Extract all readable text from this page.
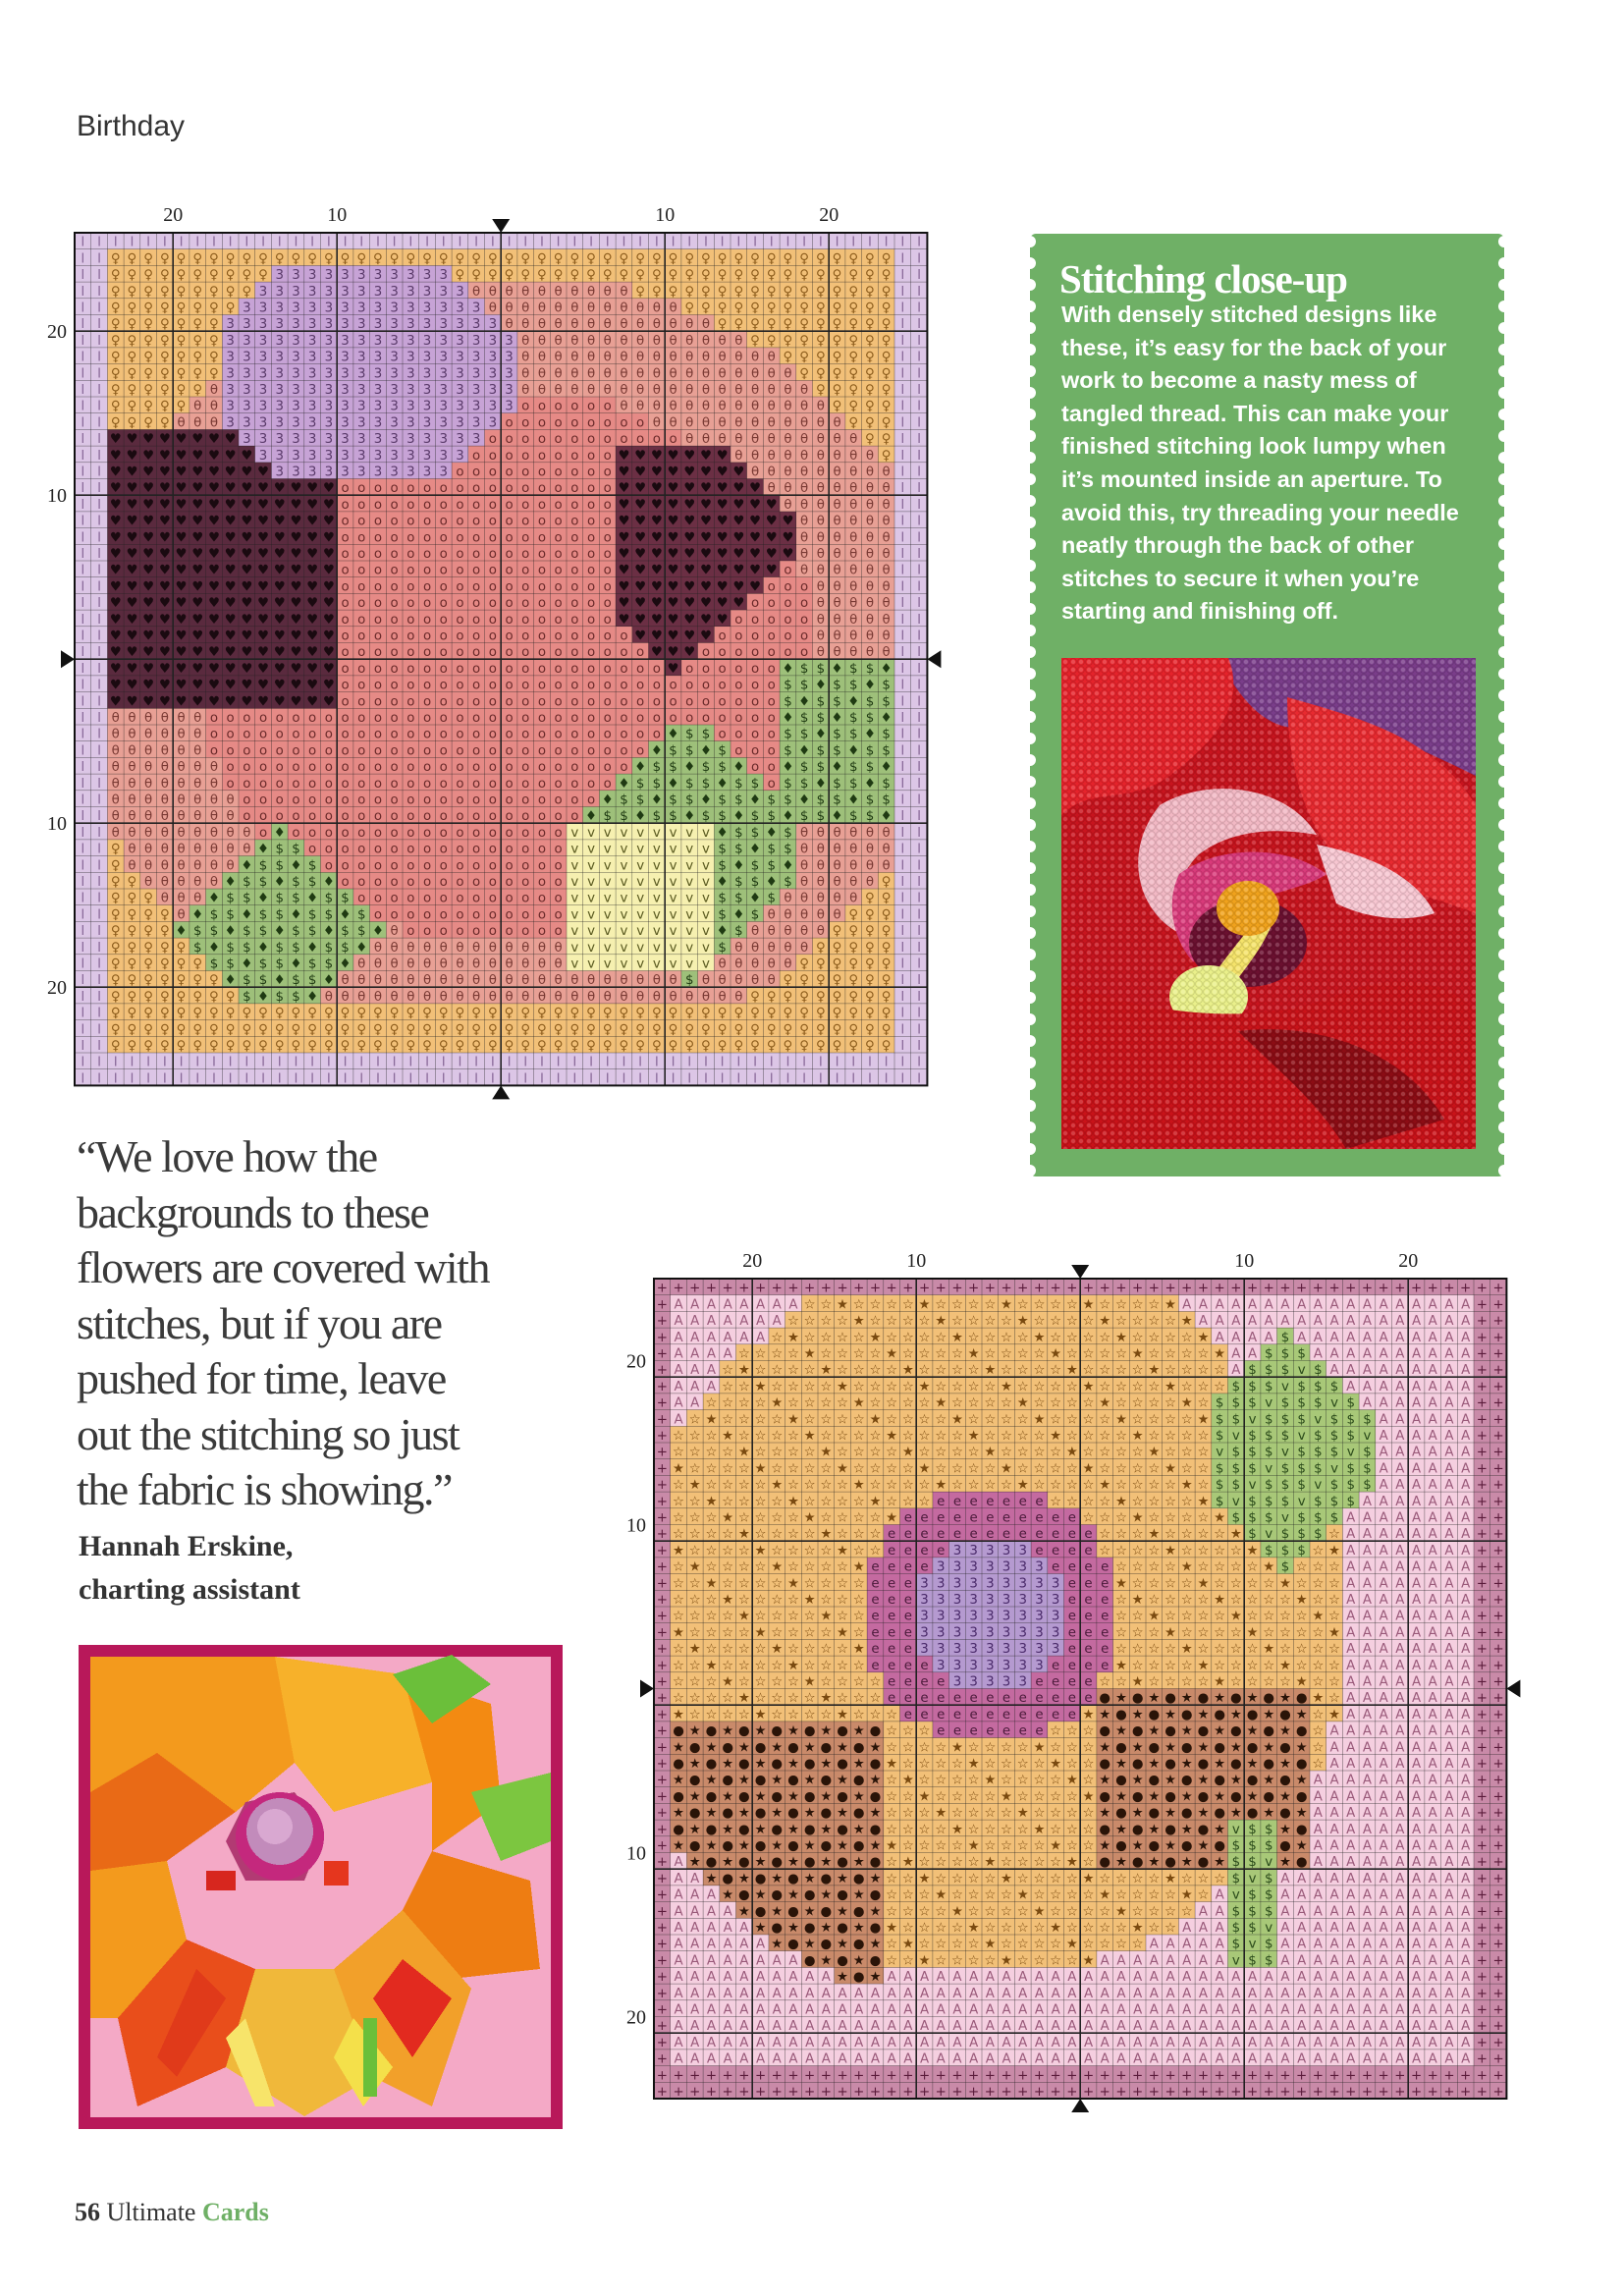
Birthday
I I I I I I I I I I I I I I I I I I I I I I I I I I I I I I I I I I I I I I I I I I I I I I I I I I I I
I I ♀ ♀ ♀ ♀ ♀ ♀ ♀ ♀ ♀ ♀ ♀ ♀ ♀ ♀ ♀ ♀ ♀ ♀ ♀ ♀ ♀ ♀ ♀ ♀ ♀ ♀ ♀ ♀ ♀ ♀ ♀ ♀ ♀ ♀ ♀ ♀ ♀ ♀ ♀ ♀ ♀ ♀ ♀ ♀ ♀ ♀ ♀ ♀ I I
I I ♀ ♀ ♀ ♀ ♀ ♀ ♀ ♀ ♀ ♀ 3 3 3 3 3 3 3 3 3 3 3 ♀ ♀ ♀ ♀ ♀ ♀ ♀ ♀ ♀ ♀ ♀ ♀ ♀ ♀ ♀ ♀ ♀ ♀ ♀ ♀ ♀ ♀ ♀ ♀ ♀ ♀ ♀ I I
I I ♀ ♀ ♀ ♀ ♀ ♀ ♀ ♀ ♀ 3 3 3 3 3 3 3 3 3 3 3 3 3 θ θ θ θ θ θ θ θ θ θ ♀ ♀ ♀ ♀ ♀ ♀ ♀ ♀ ♀ ♀ ♀ ♀ ♀ ♀ ♀ ♀ I I
I I ♀ ♀ ♀ ♀ ♀ ♀ ♀ ♀ 3 3 3 3 3 3 3 3 3 3 3 3 3 3 3 θ θ θ θ θ θ θ θ θ θ θ θ ♀ ♀ ♀ ♀ ♀ ♀ ♀ ♀ ♀ ♀ ♀ ♀ ♀ I I
I I ♀ ♀ ♀ ♀ ♀ ♀ ♀ 3 3 3 3 3 3 3 3 3 3 3 3 3 3 3 3 3 θ θ θ θ θ θ θ θ θ θ θ θ θ ♀ ♀ ♀ ♀ ♀ ♀ ♀ ♀ ♀ ♀ ♀ I I
I I ♀ ♀ ♀ ♀ ♀ ♀ ♀ 3 3 3 3 3 3 3 3 3 3 3 3 3 3 3 3 3 3 θ θ θ θ θ θ θ θ θ θ θ θ θ θ ♀ ♀ ♀ ♀ ♀ ♀ ♀ ♀ ♀ I I
I I ♀ ♀ ♀ ♀ ♀ ♀ ♀ 3 3 3 3 3 3 3 3 3 3 3 3 3 3 3 3 3 3 θ θ θ θ θ θ θ θ θ θ θ θ θ θ θ θ ♀ ♀ ♀ ♀ ♀ ♀ ♀ I I
I I ♀ ♀ ♀ ♀ ♀ ♀ ♀ 3 3 3 3 3 3 3 3 3 3 3 3 3 3 3 3 3 3 θ θ θ θ θ θ θ θ θ θ θ θ θ θ θ θ θ ♀ ♀ ♀ ♀ ♀ ♀ I I
I I ♀ ♀ ♀ ♀ ♀ ♀ θ 3 3 3 3 3 3 3 3 3 3 3 3 3 3 3 3 3 3 θ θ θ θ θ θ θ θ θ θ θ θ θ θ θ θ θ θ ♀ ♀ ♀ ♀ ♀ I I
I I ♀ ♀ ♀ ♀ ♀ θ θ 3 3 3 3 3 3 3 3 3 3 3 3 3 3 3 3 3 3 o o o o o o θ θ θ θ θ θ θ θ θ θ θ θ θ ♀ ♀ ♀ ♀ I I
I I ♀ ♀ ♀ ♀ θ θ θ 3 3 3 3 3 3 3 3 3 3 3 3 3 3 3 3 3 o o o o o o o o o θ θ θ θ θ θ θ θ θ θ θ θ ♀ ♀ ♀ I I
I I ♥ ♥ ♥ ♥ ♥ ♥ ♥ ♥ 3 3 3 3 3 3 3 3 3 3 3 3 3 3 3 o o o o o o o o o o o o θ θ θ θ θ θ θ θ θ θ θ ♀ ♀ I I
I I ♥ ♥ ♥ ♥ ♥ ♥ ♥ ♥ ♥ 3 3 3 3 3 3 3 3 3 3 3 3 3 o o o o o o o o o ♥ ♥ ♥ ♥ ♥ ♥ ♥ θ θ θ θ θ θ θ θ θ ♀ I I
I I ♥ ♥ ♥ ♥ ♥ ♥ ♥ ♥ ♥ ♥ 3 3 3 3 3 3 3 3 3 3 3 o o o o o o o o o o ♥ ♥ ♥ ♥ ♥ ♥ ♥ ♥ θ θ θ θ θ θ θ θ θ I I
I I ♥ ♥ ♥ ♥ ♥ ♥ ♥ ♥ ♥ ♥ ♥ ♥ ♥ ♥ o o o o o o o o o o o o o o o o o ♥ ♥ ♥ ♥ ♥ ♥ ♥ ♥ ♥ θ θ θ θ θ θ θ θ I I
I I ♥ ♥ ♥ ♥ ♥ ♥ ♥ ♥ ♥ ♥ ♥ ♥ ♥ ♥ o o o o o o o o o o o o o o o o o ♥ ♥ ♥ ♥ ♥ ♥ ♥ ♥ ♥ ♥ θ θ θ θ θ θ θ I I
I I ♥ ♥ ♥ ♥ ♥ ♥ ♥ ♥ ♥ ♥ ♥ ♥ ♥ ♥ o o o o o o o o o o o o o o o o o ♥ ♥ ♥ ♥ ♥ ♥ ♥ ♥ ♥ ♥ ♥ θ θ θ θ θ θ I I
I I ♥ ♥ ♥ ♥ ♥ ♥ ♥ ♥ ♥ ♥ ♥ ♥ ♥ ♥ o o o o o o o o o o o o o o o o o ♥ ♥ ♥ ♥ ♥ ♥ ♥ ♥ ♥ ♥ ♥ θ θ θ θ θ θ I I
I I ♥ ♥ ♥ ♥ ♥ ♥ ♥ ♥ ♥ ♥ ♥ ♥ ♥ ♥ o o o o o o o o o o o o o o o o o ♥ ♥ ♥ ♥ ♥ ♥ ♥ ♥ ♥ ♥ ♥ θ θ θ θ θ θ I I
I I ♥ ♥ ♥ ♥ ♥ ♥ ♥ ♥ ♥ ♥ ♥ ♥ ♥ ♥ o o o o o o o o o o o o o o o o o ♥ ♥ ♥ ♥ ♥ ♥ ♥ ♥ ♥ ♥ o θ θ θ θ θ θ I I
I I ♥ ♥ ♥ ♥ ♥ ♥ ♥ ♥ ♥ ♥ ♥ ♥ ♥ ♥ o o o o o o o o o o o o o o o o o ♥ ♥ ♥ ♥ ♥ ♥ ♥ ♥ ♥ o o o θ θ θ θ θ I I
I I ♥ ♥ ♥ ♥ ♥ ♥ ♥ ♥ ♥ ♥ ♥ ♥ ♥ ♥ o o o o o o o o o o o o o o o o o ♥ ♥ ♥ ♥ ♥ ♥ ♥ ♥ o o o o θ θ θ θ θ I I
I I ♥ ♥ ♥ ♥ ♥ ♥ ♥ ♥ ♥ ♥ ♥ ♥ ♥ ♥ o o o o o o o o o o o o o o o o o ♥ ♥ ♥ ♥ ♥ ♥ ♥ o o o o o θ θ θ θ θ I I
I I ♥ ♥ ♥ ♥ ♥ ♥ ♥ ♥ ♥ ♥ ♥ ♥ ♥ ♥ o o o o o o o o o o o o o o o o o o ♥ ♥ ♥ ♥ ♥ o o o o o o θ θ θ θ θ I I
I I ♥ ♥ ♥ ♥ ♥ ♥ ♥ ♥ ♥ ♥ ♥ ♥ ♥ ♥ o o o o o o o o o o o o o o o o o o o ♥ ♥ ♥ o o o o o o o θ θ θ θ θ I I
I I ♥ ♥ ♥ ♥ ♥ ♥ ♥ ♥ ♥ ♥ ♥ ♥ ♥ ♥ o o o o o o o o o o o o o o o o o o o o ♥ o o o o o o ♦ $ $ ♦ $ $ ♦ I I
I I ♥ ♥ ♥ ♥ ♥ ♥ ♥ ♥ ♥ ♥ ♥ ♥ ♥ ♥ o o o o o o o o o o o o o o o o o o o o o o o o o o o $ $ ♦ $ $ ♦ $ I I
I I ♥ ♥ ♥ ♥ ♥ ♥ ♥ ♥ ♥ ♥ ♥ ♥ ♥ ♥ o o o o o o o o o o o o o o o o o o o o o o o o o o o $ ♦ $ $ ♦ $ $ I I
I I θ θ θ θ θ θ o o o o o o o o o o o o o o o o o o o o o o o o o o o o o o o o o o o ♦ $ $ ♦ $ $ ♦ I I
I I θ θ θ θ θ θ o o o o o o o o o o o o o o o o o o o o o o o o o o o o ♦ $ $ o o o o $ $ ♦ $ $ ♦ $ I I
I I θ θ θ θ θ θ o o o o o o o o o o o o o o o o o o o o o o o o o o o ♦ $ $ ♦ $ o o o $ ♦ $ $ ♦ $ $ I I
I I θ θ θ θ θ θ θ o o o o o o o o o o o o o o o o o o o o o o o o o ♦ $ $ ♦ $ $ ♦ o o ♦ $ $ ♦ $ $ ♦ I I
I I θ θ θ θ θ θ θ o o o o o o o o o o o o o o o o o o o o o o o o ♦ $ $ ♦ $ $ ♦ $ $ o $ $ ♦ $ $ ♦ $ I I
I I θ θ θ θ θ θ θ θ o o o o o o o o o o o o o o o o o o o o o o ♦ $ $ ♦ $ $ ♦ $ $ ♦ $ $ ♦ $ $ ♦ $ $ I I
I I θ θ θ θ θ θ θ θ o o o o o o o o o o o o o o o o o o o o o ♦ $ $ ♦ $ $ ♦ $ $ ♦ $ $ ♦ $ $ ♦ $ $ ♦ I I
I I θ θ θ θ θ θ θ θ θ o ♦ o o o o o o o o o o o o o o o o o v v v v v v v v v ♦ $ $ ♦ $ θ θ θ θ θ θ I I
I I ♀ θ θ θ θ θ θ θ θ ♦ $ $ o o o o o o o o o o o o o o o o v v v v v v v v v $ $ ♦ $ $ θ θ θ θ θ θ I I
I I ♀ θ θ θ θ θ θ θ ♦ $ $ ♦ $ o o o o o o o o o o o o o o o v v v v v v v v v $ ♦ $ $ ♦ θ θ θ θ θ θ I I
I I ♀ ♀ θ θ θ θ θ ♦ $ $ ♦ $ $ ♦ o o o o o o o o o o o o o o v v v v v v v v v ♦ $ $ ♦ $ θ θ θ θ θ ♀ I I
I I ♀ ♀ ♀ θ θ θ ♦ $ $ ♦ $ $ ♦ $ $ o o o o o o o o o o o o o v v v v v v v v v $ $ ♦ $ θ θ θ θ θ ♀ ♀ I I
I I ♀ ♀ ♀ ♀ θ ♦ $ $ ♦ $ $ ♦ $ $ ♦ $ o o o o o o o o o o o o v v v v v v v v v $ ♦ $ θ θ θ θ θ ♀ ♀ ♀ I I
I I ♀ ♀ ♀ ♀ ♦ $ $ ♦ $ $ ♦ $ $ ♦ $ $ ♦ θ o o o o o o o o o o v v v v v v v v v ♦ $ θ θ θ θ θ ♀ ♀ ♀ ♀ I I
I I ♀ ♀ ♀ ♀ ♀ $ ♦ $ $ ♦ $ $ ♦ $ $ ♦ θ θ θ θ θ θ θ θ θ θ θ θ v v v v v v v v v $ θ θ θ θ θ ♀ ♀ ♀ ♀ ♀ I I
I I ♀ ♀ ♀ ♀ ♀ ♀ $ $ ♦ $ $ ♦ $ $ ♦ θ θ θ θ θ θ θ θ θ θ θ θ θ v v v v v v v v v θ θ θ θ θ ♀ ♀ ♀ ♀ ♀ ♀ I I
I I ♀ ♀ ♀ ♀ ♀ ♀ ♀ ♦ $ $ ♦ $ $ ♦ θ θ θ θ θ θ θ θ θ θ θ θ θ θ θ θ θ θ θ θ θ $ θ θ θ θ θ ♀ ♀ ♀ ♀ ♀ ♀ ♀ I I
I I ♀ ♀ ♀ ♀ ♀ ♀ ♀ ♀ $ ♦ $ $ ♦ θ θ θ θ θ θ θ θ θ θ θ θ θ θ θ θ θ θ θ θ θ θ θ θ θ θ ♀ ♀ ♀ ♀ ♀ ♀ ♀ ♀ ♀ I I
I I ♀ ♀ ♀ ♀ ♀ ♀ ♀ ♀ ♀ ♀ ♀ ♀ ♀ ♀ ♀ ♀ ♀ ♀ ♀ ♀ ♀ ♀ ♀ ♀ ♀ ♀ ♀ ♀ ♀ ♀ ♀ ♀ ♀ ♀ ♀ ♀ ♀ ♀ ♀ ♀ ♀ ♀ ♀ ♀ ♀ ♀ ♀ ♀ I I
I I ♀ ♀ ♀ ♀ ♀ ♀ ♀ ♀ ♀ ♀ ♀ ♀ ♀ ♀ ♀ ♀ ♀ ♀ ♀ ♀ ♀ ♀ ♀ ♀ ♀ ♀ ♀ ♀ ♀ ♀ ♀ ♀ ♀ ♀ ♀ ♀ ♀ ♀ ♀ ♀ ♀ ♀ ♀ ♀ ♀ ♀ ♀ ♀ I I
I I ♀ ♀ ♀ ♀ ♀ ♀ ♀ ♀ ♀ ♀ ♀ ♀ ♀ ♀ ♀ ♀ ♀ ♀ ♀ ♀ ♀ ♀ ♀ ♀ ♀ ♀ ♀ ♀ ♀ ♀ ♀ ♀ ♀ ♀ ♀ ♀ ♀ ♀ ♀ ♀ ♀ ♀ ♀ ♀ ♀ ♀ ♀ ♀ I I
I I I I I I I I I I I I I I I I I I I I I I I I I I I I I I I I I I I I I I I I I I I I I I I I I I I I
I I I I I I I I I I I I I I I I I I I I I I I I I I I I I I I I I I I I I I I I I I I I I I I I I I I I
20	10	10	20
20
10
10
20
Stitching close-up
With densely stitched designs like
these, it’s easy for the back of your
work to become a nasty mess of
tangled thread. This can make your
finished stitching look lumpy when
it’s mounted inside an aperture. To
avoid this, try threading your needle
neatly through the back of other
stitches to secure it when you’re
starting and finishing off.
“We love how the
backgrounds to these
flowers are covered with
stitches, but if you are
pushed for time, leave
out the stitching so just
the fabric is showing.”
Hannah Erskine,
charting assistant
+ + + + + + + + + + + + + + + + + + + + + + + + + + + + + + + + + + + + + + + + + + + + + + + + + + + +
+ A A A A A A A A ☆ ☆ ★ ☆ ☆ ☆ ☆ ★ ☆ ☆ ☆ ☆ ★ ☆ ☆ ☆ ☆ ★ ☆ ☆ ☆ ☆ ★ A A A A A A A A A A A A A A A A A A + +
+ A A A A A A A ☆ ☆ ☆ ☆ ★ ☆ ☆ ☆ ☆ ★ ☆ ☆ ☆ ☆ ★ ☆ ☆ ☆ ☆ ★ ☆ ☆ ☆ ☆ ★ A A A A A A A A A A A A A A A A A + +
+ A A A A A A ☆ ★ ☆ ☆ ☆ ☆ ★ ☆ ☆ ☆ ☆ ★ ☆ ☆ ☆ ☆ ★ ☆ ☆ ☆ ☆ ★ ☆ ☆ ☆ ☆ ★ A A A A $ A A A A A A A A A A A + +
+ A A A A ☆ ☆ ☆ ☆ ★ ☆ ☆ ☆ ☆ ★ ☆ ☆ ☆ ☆ ★ ☆ ☆ ☆ ☆ ★ ☆ ☆ ☆ ☆ ★ ☆ ☆ ☆ ☆ ★ A A $ $ $ A A A A A A A A A A + +
+ A A A ☆ ★ ☆ ☆ ☆ ☆ ★ ☆ ☆ ☆ ☆ ★ ☆ ☆ ☆ ☆ ★ ☆ ☆ ☆ ☆ ★ ☆ ☆ ☆ ☆ ★ ☆ ☆ ☆ ☆ A $ $ $ v $ A A A A A A A A A + +
+ A A A ☆ ☆ ★ ☆ ☆ ☆ ☆ ★ ☆ ☆ ☆ ☆ ★ ☆ ☆ ☆ ☆ ★ ☆ ☆ ☆ ☆ ★ ☆ ☆ ☆ ☆ ★ ☆ ☆ ☆ $ $ $ v $ $ $ A A A A A A A A + +
+ A A ☆ ☆ ☆ ☆ ★ ☆ ☆ ☆ ☆ ★ ☆ ☆ ☆ ☆ ★ ☆ ☆ ☆ ☆ ★ ☆ ☆ ☆ ☆ ★ ☆ ☆ ☆ ☆ ★ ☆ $ $ $ v $ $ $ v $ A A A A A A A + +
+ A ☆ ★ ☆ ☆ ☆ ☆ ★ ☆ ☆ ☆ ☆ ★ ☆ ☆ ☆ ☆ ★ ☆ ☆ ☆ ☆ ★ ☆ ☆ ☆ ☆ ★ ☆ ☆ ☆ ☆ ★ $ $ v $ $ $ v $ $ $ A A A A A A + +
+ ☆ ☆ ☆ ★ ☆ ☆ ☆ ☆ ★ ☆ ☆ ☆ ☆ ★ ☆ ☆ ☆ ☆ ★ ☆ ☆ ☆ ☆ ★ ☆ ☆ ☆ ☆ ★ ☆ ☆ ☆ ☆ $ v $ $ $ v $ $ $ v A A A A A A + +
+ ☆ ☆ ☆ ☆ ★ ☆ ☆ ☆ ☆ ★ ☆ ☆ ☆ ☆ ★ ☆ ☆ ☆ ☆ ★ ☆ ☆ ☆ ☆ ★ ☆ ☆ ☆ ☆ ★ ☆ ☆ ☆ v $ $ $ v $ $ $ v $ A A A A A A + +
+ ★ ☆ ☆ ☆ ☆ ★ ☆ ☆ ☆ ☆ ★ ☆ ☆ ☆ ☆ ★ ☆ ☆ ☆ ☆ ★ ☆ ☆ ☆ ☆ ★ ☆ ☆ ☆ ☆ ★ ☆ ☆ $ $ $ v $ $ $ v $ $ A A A A A A + +
+ ☆ ★ ☆ ☆ ☆ ☆ ★ ☆ ☆ ☆ ☆ ★ ☆ ☆ ☆ ☆ ★ ☆ ☆ ☆ ☆ ★ ☆ ☆ ☆ ☆ ★ ☆ ☆ ☆ ☆ ★ ☆ $ $ v $ $ $ v $ $ $ A A A A A A + +
+ ☆ ☆ ★ ☆ ☆ ☆ ☆ ★ ☆ ☆ ☆ ☆ ★ ☆ ☆ ☆ e e e e e e e ☆ ☆ ☆ ☆ ★ ☆ ☆ ☆ ☆ ★ $ v $ $ $ v $ $ $ A A A A A A A + +
+ ☆ ☆ ☆ ★ ☆ ☆ ☆ ☆ ★ ☆ ☆ ☆ ☆ ★ e e e e e e e e e e e ☆ ☆ ☆ ★ ☆ ☆ ☆ ☆ ★ $ $ $ v $ $ $ A A A A A A A A + +
+ ☆ ☆ ☆ ☆ ★ ☆ ☆ ☆ ☆ ★ ☆ ☆ ☆ e e e e e e e e e e e e e ☆ ☆ ☆ ★ ☆ ☆ ☆ ☆ ★ $ v $ $ $ ☆ A A A A A A A A + +
+ ★ ☆ ☆ ☆ ☆ ★ ☆ ☆ ☆ ☆ ★ ☆ ☆ e e e e 3 3 3 3 3 e e e e ☆ ☆ ☆ ☆ ★ ☆ ☆ ☆ ☆ ★ $ $ $ ☆ ★ A A A A A A A A + +
+ ☆ ★ ☆ ☆ ☆ ☆ ★ ☆ ☆ ☆ ☆ ★ e e e e 3 3 3 3 3 3 3 e e e e ☆ ☆ ☆ ☆ ★ ☆ ☆ ☆ ☆ ★ $ ☆ ☆ ☆ A A A A A A A A + +
+ ☆ ☆ ★ ☆ ☆ ☆ ☆ ★ ☆ ☆ ☆ ☆ e e e 3 3 3 3 3 3 3 3 3 e e e ★ ☆ ☆ ☆ ☆ ★ ☆ ☆ ☆ ☆ ★ ☆ ☆ ☆ A A A A A A A A + +
+ ☆ ☆ ☆ ★ ☆ ☆ ☆ ☆ ★ ☆ ☆ ☆ e e e 3 3 3 3 3 3 3 3 3 e e e ☆ ★ ☆ ☆ ☆ ☆ ★ ☆ ☆ ☆ ☆ ★ ☆ ☆ A A A A A A A A + +
+ ☆ ☆ ☆ ☆ ★ ☆ ☆ ☆ ☆ ★ ☆ ☆ e e e 3 3 3 3 3 3 3 3 3 e e e ☆ ☆ ★ ☆ ☆ ☆ ☆ ★ ☆ ☆ ☆ ☆ ★ ☆ A A A A A A A A + +
+ ★ ☆ ☆ ☆ ☆ ★ ☆ ☆ ☆ ☆ ★ ☆ e e e 3 3 3 3 3 3 3 3 3 e e e ☆ ☆ ☆ ★ ☆ ☆ ☆ ☆ ★ ☆ ☆ ☆ ☆ ★ A A A A A A A A + +
+ ☆ ★ ☆ ☆ ☆ ☆ ★ ☆ ☆ ☆ ☆ ★ e e e 3 3 3 3 3 3 3 3 3 e e e ☆ ☆ ☆ ☆ ★ ☆ ☆ ☆ ☆ ★ ☆ ☆ ☆ ☆ A A A A A A A A + +
+ ☆ ☆ ★ ☆ ☆ ☆ ☆ ★ ☆ ☆ ☆ ☆ e e e e 3 3 3 3 3 3 3 e e e e ★ ☆ ☆ ☆ ☆ ★ ☆ ☆ ☆ ☆ ★ ☆ ☆ ☆ A A A A A A A A + +
+ ☆ ☆ ☆ ★ ☆ ☆ ☆ ☆ ★ ☆ ☆ ☆ ☆ e e e e 3 3 3 3 3 e e e e ☆ ☆ ★ ☆ ☆ ☆ ☆ ★ ☆ ☆ ☆ ☆ ★ ☆ ☆ A A A A A A A A + +
+ ☆ ☆ ☆ ☆ ★ ☆ ☆ ☆ ☆ ★ ☆ ☆ ☆ e e e e e e e e e e e e e ● ★ ● ★ ● ★ ● ★ ● ★ ● ★ ● ★ ☆ A A A A A A A A + +
+ ★ ☆ ☆ ☆ ☆ ★ ☆ ☆ ☆ ☆ ★ ☆ ☆ ☆ e e e e e e e e e e e ★ ★ ● ★ ● ★ ● ★ ● ★ ● ★ ● ★ ☆ ★ A A A A A A A A + +
+ ● ★ ● ★ ● ★ ● ★ ● ★ ● ★ ● ☆ ☆ ☆ e e e e e e e ☆ ☆ ☆ ● ★ ● ★ ● ★ ● ★ ● ★ ● ★ ● ☆ A A A A A A A A A + +
+ ★ ● ★ ● ★ ● ★ ● ★ ● ★ ● ★ ☆ ☆ ☆ ☆ ★ ☆ ☆ ☆ ☆ ★ ☆ ☆ ☆ ★ ● ★ ● ★ ● ★ ● ★ ● ★ ● ★ ☆ A A A A A A A A A + +
+ ● ★ ● ★ ● ★ ● ★ ● ★ ● ★ ● ★ ☆ ☆ ☆ ☆ ★ ☆ ☆ ☆ ☆ ★ ☆ ☆ ● ★ ● ★ ● ★ ● ★ ● ★ ● ★ ● ☆ A A A A A A A A A + +
+ ★ ● ★ ● ★ ● ★ ● ★ ● ★ ● ★ ☆ ★ ☆ ☆ ☆ ☆ ★ ☆ ☆ ☆ ☆ ★ ☆ ★ ● ★ ● ★ ● ★ ● ★ ● ★ ● ★ A A A A A A A A A A + +
+ ● ★ ● ★ ● ★ ● ★ ● ★ ● ★ ● ☆ ☆ ★ ☆ ☆ ☆ ☆ ★ ☆ ☆ ☆ ☆ ★ ● ★ ● ★ ● ★ ● ★ ● ★ ● ★ ● A A A A A A A A A A + +
+ ★ ● ★ ● ★ ● ★ ● ★ ● ★ ● ★ ☆ ☆ ☆ ★ ☆ ☆ ☆ ☆ ★ ☆ ☆ ☆ ☆ ★ ● ★ ● ★ ● ★ ● ★ ● ★ ● ★ A A A A A A A A A A + +
+ ● ★ ● ★ ● ★ ● ★ ● ★ ● ★ ● ☆ ☆ ☆ ☆ ★ ☆ ☆ ☆ ☆ ★ ☆ ☆ ☆ ● ★ ● ★ ● ★ ● ★ v $ $ ★ ● A A A A A A A A A A + +
+ ★ ● ★ ● ★ ● ★ ● ★ ● ★ ● ★ ★ ☆ ☆ ☆ ☆ ★ ☆ ☆ ☆ ☆ ★ ☆ ☆ ★ ● ★ ● ★ ● ★ ● $ $ $ ● ★ A A A A A A A A A A + +
+ A ★ ● ★ ● ★ ● ★ ● ★ ● ★ ● ☆ ★ ☆ ☆ ☆ ☆ ★ ☆ ☆ ☆ ☆ ★ ☆ ● ★ ● ★ ● ★ ● ★ $ $ v ★ ● A A A A A A A A A A + +
+ A A ★ ● ★ ● ★ ● ★ ● ★ ● ★ ☆ ☆ ★ ☆ ☆ ☆ ☆ ★ ☆ ☆ ☆ ☆ ★ ☆ ☆ ☆ ☆ ★ ☆ ☆ ☆ $ v $ A A A A A A A A A A A A + +
+ A A A ★ ● ★ ● ★ ● ★ ● ★ ● ☆ ☆ ☆ ★ ☆ ☆ ☆ ☆ ★ ☆ ☆ ☆ ☆ ★ ☆ ☆ ☆ ☆ ★ ☆ A v $ $ A A A A A A A A A A A A + +
+ A A A A ★ ● ★ ● ★ ● ★ ● ★ ☆ ☆ ☆ ☆ ★ ☆ ☆ ☆ ☆ ★ ☆ ☆ ☆ ☆ ★ ☆ ☆ ☆ ☆ A A $ $ $ A A A A A A A A A A A A + +
+ A A A A A ★ ● ★ ● ★ ● ★ ● ★ ☆ ☆ ☆ ☆ ★ ☆ ☆ ☆ ☆ ★ ☆ ☆ ☆ ☆ ★ ☆ ☆ A A A $ $ v A A A A A A A A A A A A + +
+ A A A A A A ★ ● ★ ● ★ ● ★ ☆ ★ ☆ ☆ ☆ ☆ ★ ☆ ☆ ☆ ☆ ★ ☆ ☆ ☆ ☆ A A A A A $ v $ A A A A A A A A A A A A + +
+ A A A A A A A A ● ★ ● ★ ● ☆ ☆ ★ ☆ ☆ ☆ ☆ ★ ☆ ☆ ☆ ☆ ★ A A A A A A A A v $ $ A A A A A A A A A A A A + +
+ A A A A A A A A A A ★ ● ★ A A A A A A A A A A A A A A A A A A A A A A A A A A A A A A A A A A A A + +
+ A A A A A A A A A A A A A A A A A A A A A A A A A A A A A A A A A A A A A A A A A A A A A A A A A + +
+ A A A A A A A A A A A A A A A A A A A A A A A A A A A A A A A A A A A A A A A A A A A A A A A A A + +
+ A A A A A A A A A A A A A A A A A A A A A A A A A A A A A A A A A A A A A A A A A A A A A A A A A + +
+ A A A A A A A A A A A A A A A A A A A A A A A A A A A A A A A A A A A A A A A A A A A A A A A A A + +
+ A A A A A A A A A A A A A A A A A A A A A A A A A A A A A A A A A A A A A A A A A A A A A A A A A + +
+ + + + + + + + + + + + + + + + + + + + + + + + + + + + + + + + + + + + + + + + + + + + + + + + + + + +
+ + + + + + + + + + + + + + + + + + + + + + + + + + + + + + + + + + + + + + + + + + + + + + + + + + + +
20	10	10	20
20
10
10
20
56 Ultimate Cards
